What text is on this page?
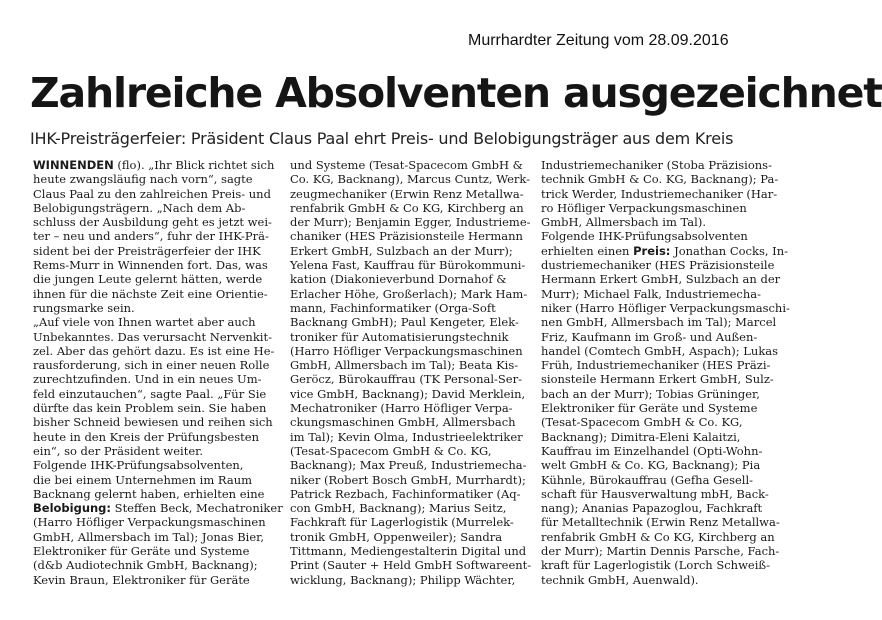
Murrhardter Zeitung vom 28.09.2016
Zahlreiche Absolventen ausgezeichnet
IHK-Preisträgerfeier: Präsident Claus Paal ehrt Preis- und Belobigungsträger aus dem Kreis
WINNENDEN (flo). „Ihr Blick richtet sich
heute zwangsläufig nach vorn“, sagte
Claus Paal zu den zahlreichen Preis- und
Belobigungsträgern. „Nach dem Ab-
schluss der Ausbildung geht es jetzt wei-
ter – neu und anders“, fuhr der IHK-Prä-
sident bei der Preisträgerfeier der IHK
Rems-Murr in Winnenden fort. Das, was
die jungen Leute gelernt hätten, werde
ihnen für die nächste Zeit eine Orientie-
rungsmarke sein.
„Auf viele von Ihnen wartet aber auch
Unbekanntes. Das verursacht Nervenkit-
zel. Aber das gehört dazu. Es ist eine He-
rausforderung, sich in einer neuen Rolle
zurechtzufinden. Und in ein neues Um-
feld einzutauchen“, sagte Paal. „Für Sie
dürfte das kein Problem sein. Sie haben
bisher Schneid bewiesen und reihen sich
heute in den Kreis der Prüfungsbesten
ein“, so der Präsident weiter.
Folgende IHK-Prüfungsabsolventen,
die bei einem Unternehmen im Raum
Backnang gelernt haben, erhielten eine
Belobigung: Steffen Beck, Mechatroniker
(Harro Höfliger Verpackungsmaschinen
GmbH, Allmersbach im Tal); Jonas Bier,
Elektroniker für Geräte und Systeme
(d&b Audiotechnik GmbH, Backnang);
Kevin Braun, Elektroniker für Geräte
und Systeme (Tesat-Spacecom GmbH &
Co. KG, Backnang), Marcus Cuntz, Werk-
zeugmechaniker (Erwin Renz Metallwa-
renfabrik GmbH & Co KG, Kirchberg an
der Murr); Benjamin Egger, Industrieme-
chaniker (HES Präzisionsteile Hermann
Erkert GmbH, Sulzbach an der Murr);
Yelena Fast, Kauffrau für Bürokommuni-
kation (Diakonieverbund Dornahof &
Erlacher Höhe, Großerlach); Mark Ham-
mann, Fachinformatiker (Orga-Soft
Backnang GmbH); Paul Kengeter, Elek-
troniker für Automatisierungstechnik
(Harro Höfliger Verpackungsmaschinen
GmbH, Allmersbach im Tal); Beata Kis-
Geröcz, Bürokauffrau (TK Personal-Ser-
vice GmbH, Backnang); David Merklein,
Mechatroniker (Harro Höfliger Verpa-
ckungsmaschinen GmbH, Allmersbach
im Tal); Kevin Olma, Industrieelektriker
(Tesat-Spacecom GmbH & Co. KG,
Backnang); Max Preuß, Industriemecha-
niker (Robert Bosch GmbH, Murrhardt);
Patrick Rezbach, Fachinformatiker (Aq-
con GmbH, Backnang); Marius Seitz,
Fachkraft für Lagerlogistik (Murrelek-
tronik GmbH, Oppenweiler); Sandra
Tittmann, Mediengestalterin Digital und
Print (Sauter + Held GmbH Softwareent-
wicklung, Backnang); Philipp Wächter,
Industriemechaniker (Stoba Präzisions-
technik GmbH & Co. KG, Backnang); Pa-
trick Werder, Industriemechaniker (Har-
ro Höfliger Verpackungsmaschinen
GmbH, Allmersbach im Tal).
Folgende IHK-Prüfungsabsolventen
erhielten einen Preis: Jonathan Cocks, In-
dustriemechaniker (HES Präzisionsteile
Hermann Erkert GmbH, Sulzbach an der
Murr); Michael Falk, Industriemecha-
niker (Harro Höfliger Verpackungsmaschi-
nen GmbH, Allmersbach im Tal); Marcel
Friz, Kaufmann im Groß- und Außen-
handel (Comtech GmbH, Aspach); Lukas
Früh, Industriemechaniker (HES Präzi-
sionsteile Hermann Erkert GmbH, Sulz-
bach an der Murr); Tobias Grüninger,
Elektroniker für Geräte und Systeme
(Tesat-Spacecom GmbH & Co. KG,
Backnang); Dimitra-Eleni Kalaitzi,
Kauffrau im Einzelhandel (Opti-Wohn-
welt GmbH & Co. KG, Backnang); Pia
Kühnle, Bürokauffrau (Gefha Gesell-
schaft für Hausverwaltung mbH, Back-
nang); Ananias Papazoglou, Fachkraft
für Metalltechnik (Erwin Renz Metallwa-
renfabrik GmbH & Co KG, Kirchberg an
der Murr); Martin Dennis Parsche, Fach-
kraft für Lagerlogistik (Lorch Schweiß-
technik GmbH, Auenwald).
